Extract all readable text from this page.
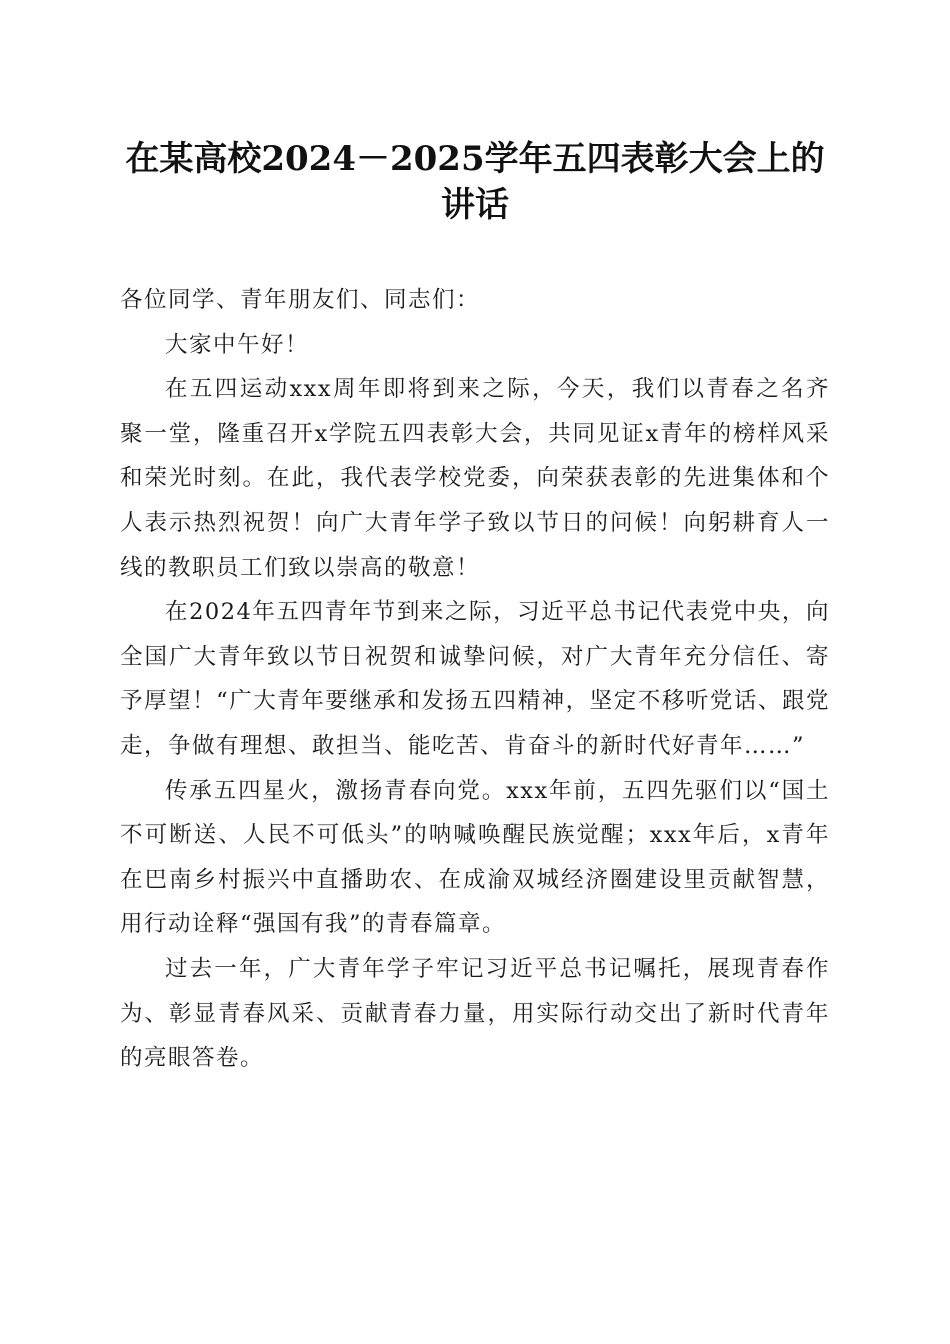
在某高校2024－2025学年五四表彰大会上的
讲话

各位同学、青年朋友们、同志们：

大家中午好！

在五四运动xxx周年即将到来之际，今天，我们以青春之名齐聚一堂，隆重召开x学院五四表彰大会，共同见证x青年的榜样风采和荣光时刻。在此，我代表学校党委，向荣获表彰的先进集体和个人表示热烈祝贺！向广大青年学子致以节日的问候！向躬耕育人一线的教职员工们致以崇高的敬意！

在2024年五四青年节到来之际，习近平总书记代表党中央，向全国广大青年致以节日祝贺和诚挚问候，对广大青年充分信任、寄予厚望！“广大青年要继承和发扬五四精神，坚定不移听党话、跟党走，争做有理想、敢担当、能吃苦、肯奋斗的新时代好青年……”

传承五四星火，激扬青春向党。xxx年前，五四先驱们以“国土不可断送、人民不可低头”的呐喊唤醒民族觉醒；xxx年后，x青年在巴南乡村振兴中直播助农、在成渝双城经济圈建设里贡献智慧，用行动诠释“强国有我”的青春篇章。

过去一年，广大青年学子牢记习近平总书记嘱托，展现青春作为、彰显青春风采、贡献青春力量，用实际行动交出了新时代青年的亮眼答卷。
